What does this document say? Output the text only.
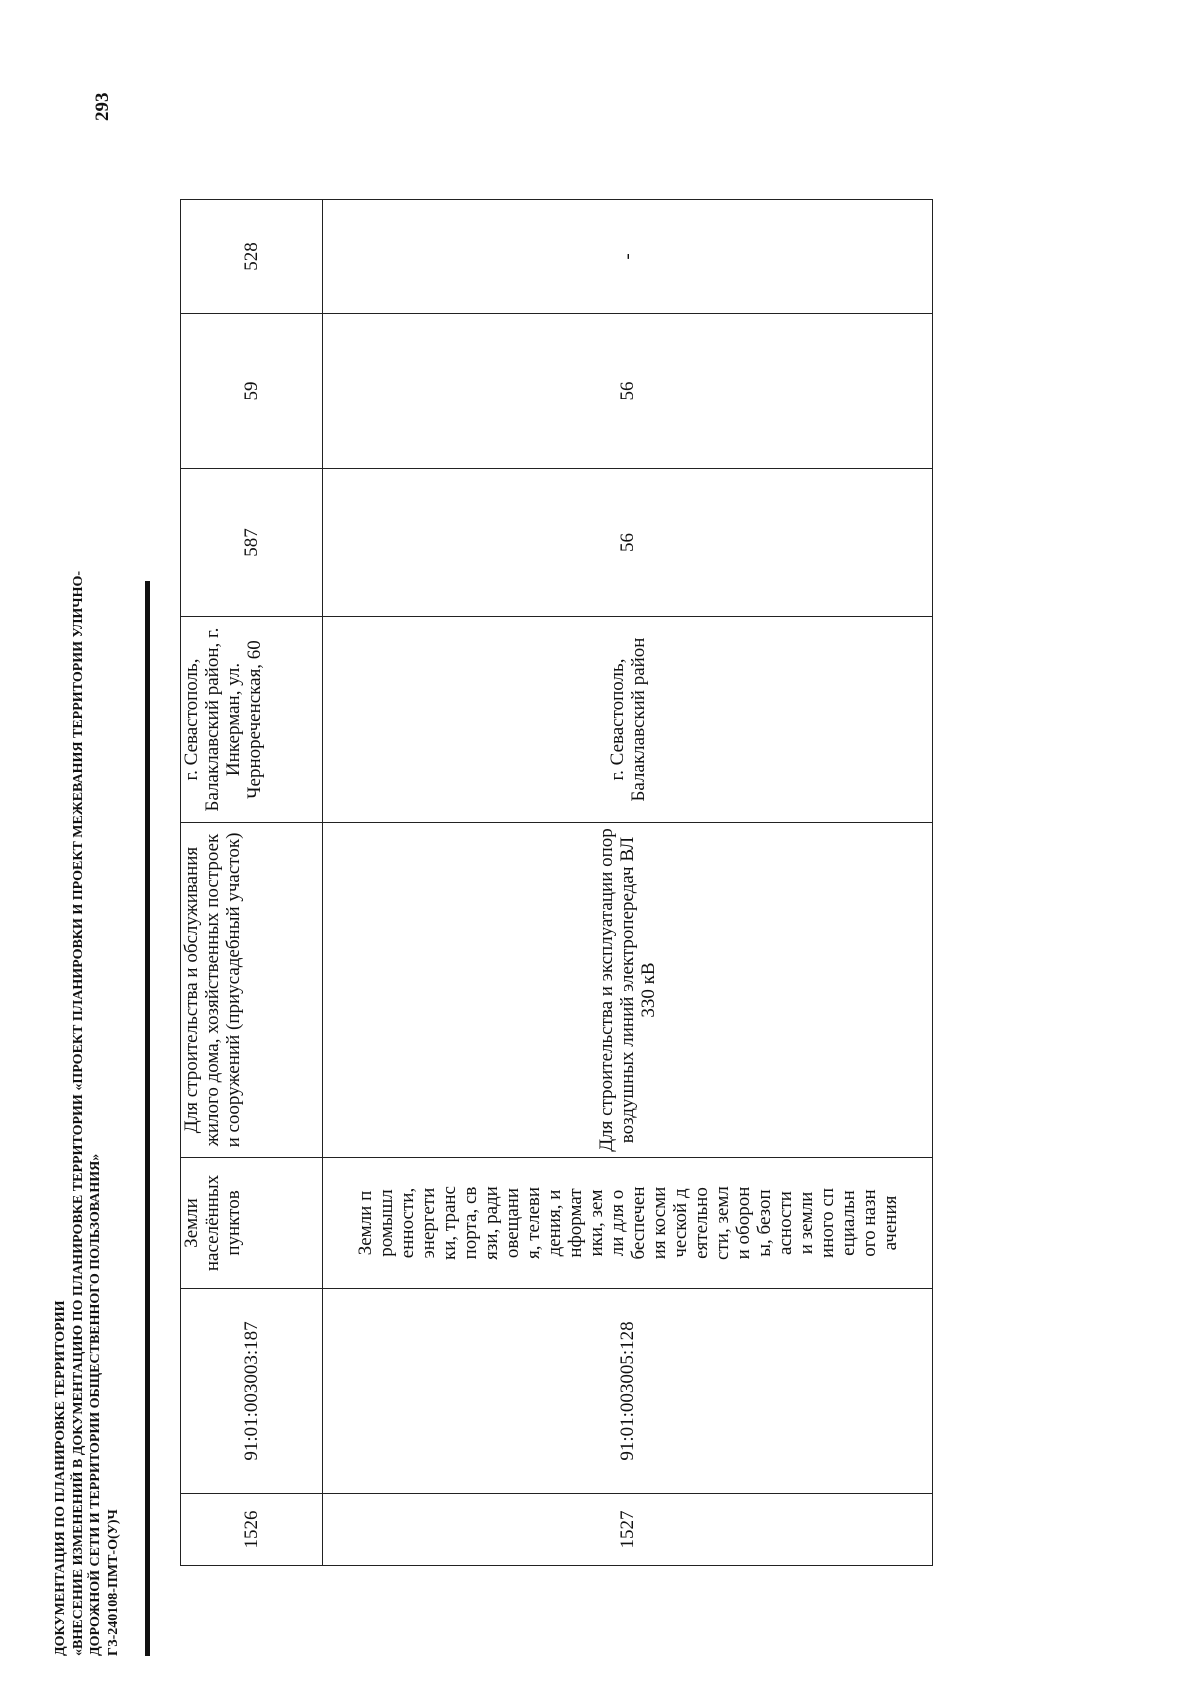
293
ДОКУМЕНТАЦИЯ ПО ПЛАНИРОВКЕ ТЕРРИТОРИИ «ВНЕСЕНИЕ ИЗМЕНЕНИЙ В ДОКУМЕНТАЦИЮ ПО ПЛАНИРОВКЕ ТЕРРИТОРИИ «ПРОЕКТ ПЛАНИРОВКИ И ПРОЕКТ МЕЖЕВАНИЯ ТЕРРИТОРИИ УЛИЧНО- ДОРОЖНОЙ СЕТИ И ТЕРРИТОРИИ ОБЩЕСТВЕННОГО ПОЛЬЗОВАНИЯ» ГЗ-240108-ПМТ-О(У)Ч	1526	91:01:003003:187	Земли населённых пунктов	Для строительства и обслуживания жилого дома, хозяйственных построек и сооружений (приусадебный участок)	г. Севастополь, Балаклавский район, г. Инкерман, ул. Чернореченская, 60	587	59	528
1527	91:01:003005:128	Земли промышленности, энергетики, транспорта, связи, радиовещания, телевидения, информатики, земли для обеспечения космической деятельности, земли обороны, безопасности и земли иного специального назначения	Для строительства и эксплуатации опор воздушных линий электропередач ВЛ 330 кВ	г. Севастополь, Балаклавский район	56	56	-
